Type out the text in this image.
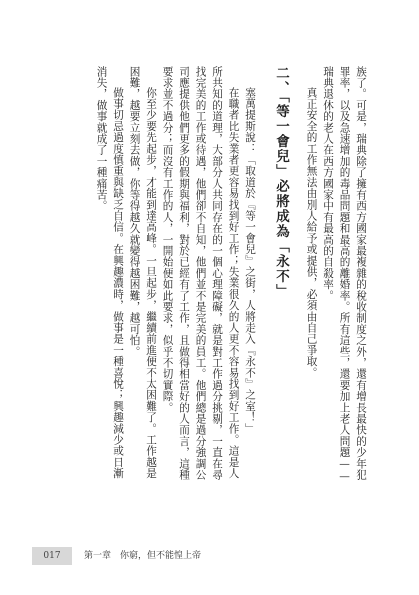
族了。可是，瑞典除了擁有西方國家最複雜的稅收制度之外，還有增長最快的少年犯罪率，以及急速增加的毒品問題和最高的離婚率。所有這些，還要加上老人問題——瑞典退休的老人在西方國家中有最高的自殺率。

真正安全的工作無法由別人給予或提供，必須由自己爭取。

二、「等一會兒」必將成為「永不」

塞萬提斯說：「取道於『等一會兒』之街，人將走入『永不』之室！」

在職者比失業者更容易找到好工作；失業很久的人更不容易找到好工作。這是人所共知的道理，大部分人共同存在的一個心理障礙，就是對工作過分挑剔，一直在尋找完美的工作或待遇，他們卻不自知，他們並不是完美的員工。他們總是過分強調公司應提供他們更多的假期與福利，對於已經有了工作，且做得相當好的人而言，這種要求並不過分；而沒有工作的人，一開始便如此要求，似乎不切實際。

你至少要先起步，才能到達高峰。一旦起步，繼續前進便不太困難了。工作越是困難，越要立刻去做，你等得越久就變得越困難，越可怕。

做事切忌過度慎重與缺乏自信。在興趣濃時，做事是一種喜悅；興趣減少或日漸消失，做事就成了一種痛苦。

017	第一章　你窮，但不能惶上帝
